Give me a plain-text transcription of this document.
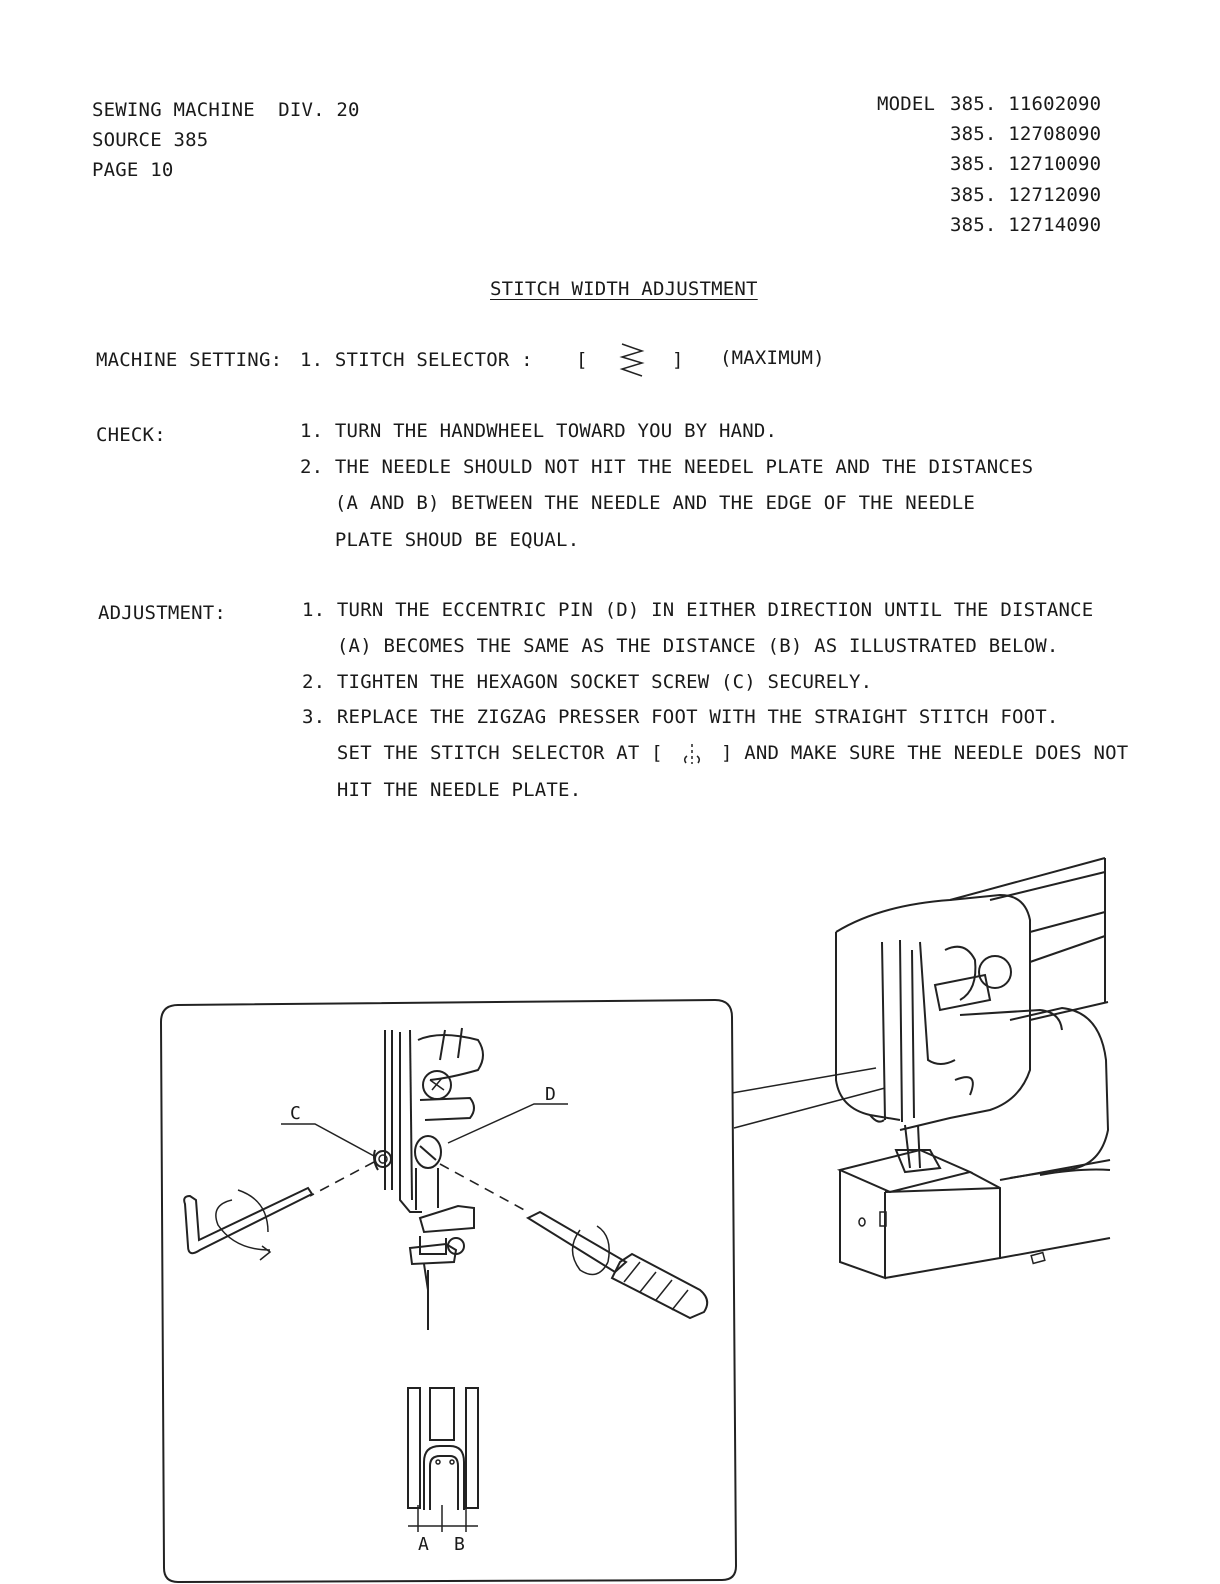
SEWING MACHINE  DIV. 20
SOURCE 385
PAGE 10
MODEL 385. 11602090
385. 12708090
385. 12710090
385. 12712090
385. 12714090
STITCH WIDTH ADJUSTMENT
MACHINE SETTING: 1. STITCH SELECTOR : [	] (MAXIMUM)
CHECK:	1. TURN THE HANDWHEEL TOWARD YOU BY HAND.
2. THE NEEDLE SHOULD NOT HIT THE NEEDEL PLATE AND THE DISTANCES
(A AND B) BETWEEN THE NEEDLE AND THE EDGE OF THE NEEDLE
PLATE SHOUD BE EQUAL.
ADJUSTMENT:	1. TURN THE ECCENTRIC PIN (D) IN EITHER DIRECTION UNTIL THE DISTANCE
(A) BECOMES THE SAME AS THE DISTANCE (B) AS ILLUSTRATED BELOW.
2. TIGHTEN THE HEXAGON SOCKET SCREW (C) SECURELY.
3. REPLACE THE ZIGZAG PRESSER FOOT WITH THE STRAIGHT STITCH FOOT.
SET THE STITCH SELECTOR AT [     ] AND MAKE SURE THE NEEDLE DOES NOT
HIT THE NEEDLE PLATE.
C
D
A B
